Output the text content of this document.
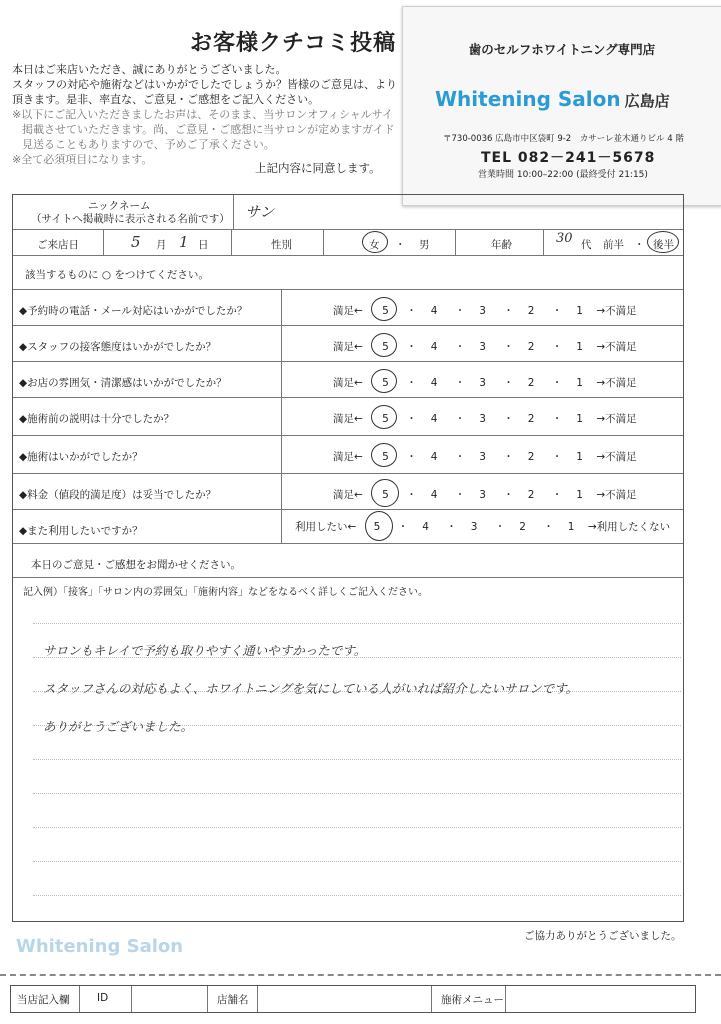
お客様クチコミ投稿
本日はご来店いただき、誠にありがとうございました。
スタッフの対応や施術などはいかがでしたでしょうか？皆様のご意見は、より
頂きます。是非、率直な、ご意見・ご感想をご記入ください。
※以下にご記入いただきましたお声は、そのまま、当サロンオフィシャルサイ
掲載させていただきます。尚、ご意見・ご感想に当サロンが定めますガイド
見送ることもありますので、予めご了承ください。
※全て必須項目になります。
上記内容に同意します。
歯のセルフホワイトニング専門店
Whitening Salon 広島店
〒730-0036 広島市中区袋町 9-2　カサーレ並木通りビル 4 階
TEL 082－241－5678
営業時間 10:00–22:00 (最終受付 21:15)
ニックネーム
（サイトへ掲載時に表示される名前です） サン
ご来店日	5 月 1 日	性別	女 ・ 男	年齢	30 代 前半 ・ 後半
該当するものに ○ をつけてください。
◆予約時の電話・メール対応はいかがでしたか？	満足← 5 ・ 4 ・ 3 ・ 2 ・ 1 →不満足
◆スタッフの接客態度はいかがでしたか？	満足← 5 ・ 4 ・ 3 ・ 2 ・ 1 →不満足
◆お店の雰囲気・清潔感はいかがでしたか？	満足← 5 ・ 4 ・ 3 ・ 2 ・ 1 →不満足
◆施術前の説明は十分でしたか？	満足← 5 ・ 4 ・ 3 ・ 2 ・ 1 →不満足
◆施術はいかがでしたか？	満足← 5 ・ 4 ・ 3 ・ 2 ・ 1 →不満足
◆料金（値段的満足度）は妥当でしたか？	満足← 5 ・ 4 ・ 3 ・ 2 ・ 1 →不満足
◆また利用したいですか？	利用したい← 5 ・ 4 ・ 3 ・ 2 ・ 1 →利用したくない
本日のご意見・ご感想をお聞かせください。
記入例）「接客」「サロン内の雰囲気」「施術内容」などをなるべく詳しくご記入ください。
サロンもキレイで予約も取りやすく通いやすかったです。
スタッフさんの対応もよく、ホワイトニングを気にしている人がいれば紹介したいサロンです。
ありがとうございました。
ご協力ありがとうございました。
Whitening Salon
当店記入欄	ID	店舗名	施術メニュー
